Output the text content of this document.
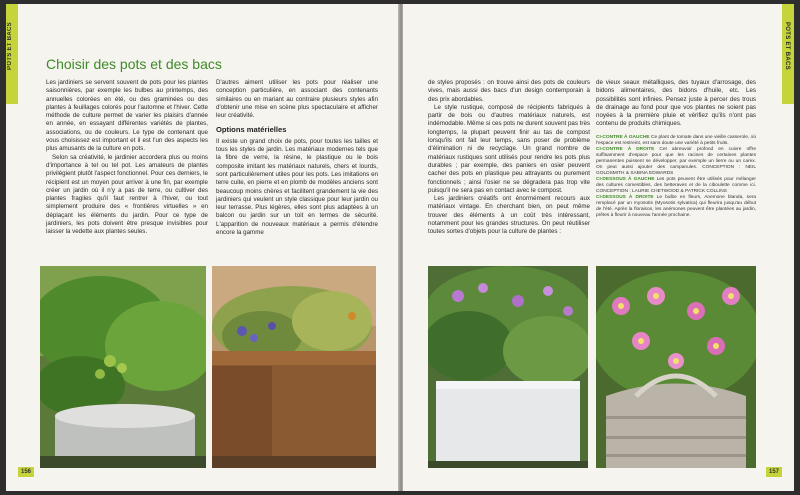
POTS ET BACS Choisir des pots et des bacs

Les jardiniers se servent souvent de pots pour les plantes saisonnières, par exemple les bulbes au printemps, des annuelles colorées en été, ou des graminées ou des plantes à feuillages colorés pour l'automne et l'hiver. Cette méthode de culture permet de varier les plaisirs d'année en année, en essayant différentes variétés de plantes, associations, ou de couleurs. Le type de contenant que vous choisissez est important et il est l'un des aspects les plus amusants de la culture en pots.

Selon sa créativité, le jardinier accordera plus ou moins d'importance à tel ou tel pot. Les amateurs de plantes privilégient plutôt l'aspect fonctionnel. Pour ces derniers, le récipient est un moyen pour arriver à une fin, par exemple créer un jardin où il n'y a pas de terre, ou cultiver des plantes fragiles qu'il faut rentrer à l'hiver, ou tout simplement produire des « frontières virtuelles » en déplaçant les éléments du jardin. Pour ce type de jardiniers, les pots doivent être presque invisibles pour laisser la vedette aux plantes seules.

D'autres aiment utiliser les pots pour réaliser une conception particulière, en associant des contenants similaires ou en mariant au contraire plusieurs styles afin d'obtenir une mise en scène plus spectaculaire et afficher leur créativité.

Options matérielles

Il existe un grand choix de pots, pour toutes les tailles et tous les styles de jardin. Les matériaux modernes tels que la fibre de verre, la résine, le plastique ou le bois composite imitant les matériaux naturels, chers et lourds, sont particulièrement utiles pour les pots. Les imitations en terre cuite, en pierre et en plomb de modèles anciens sont beaucoup moins chères et facilitent grandement la vie des jardiniers qui veulent un style classique pour leur jardin ou leur terrasse. Plus légères, elles sont plus adaptées à un balcon ou jardin sur un toit en termes de sécurité. L'apparition de nouveaux matériaux a permis d'étendre encore la gamme

156
POTS ET BACS

de styles proposés : on trouve ainsi des pots de couleurs vives, mais aussi des bacs d'un design contemporain à des prix abordables.

Le style rustique, composé de récipients fabriqués à partir de bois ou d'autres matériaux naturels, est indémodable. Même si ces pots ne durent souvent pas très longtemps, la plupart peuvent finir au tas de compost lorsqu'ils ont fait leur temps, sans poser de problème d'élimination ni de recyclage. Un grand nombre de matériaux rustiques sont utilisés pour rendre les pots plus durables ; par exemple, des paniers en osier peuvent cacher des pots en plastique peu attrayants ou purement fonctionnels ; ainsi l'osier ne se dégradera pas trop vite puisqu'il ne sera pas en contact avec le compost.

Les jardiniers créatifs ont énormément recours aux matériaux vintage. En cherchant bien, on peut même trouver des éléments à un coût très intéressant, notamment pour les grandes structures. On peut réutiliser toutes sortes d'objets pour la culture de plantes :

de vieux seaux métalliques, des tuyaux d'arrosage, des bidons alimentaires, des bidons d'huile, etc. Les possibilités sont infinies. Pensez juste à percer des trous de drainage au fond pour que vos plantes ne soient pas noyées à la première pluie et vérifiez qu'ils n'ont pas contenu de produits chimiques.

CI-CONTRE À GAUCHE Ce plant de tomate dans une vieille casserole, où l'espace est restreint, est sans doute une variété à petits fruits.

CI-CONTRE À DROITE Cet abreuvoir profond en cuivre offre suffisamment d'espace pour que les racines de certaines plantes permanentes puissent se développer, par exemple un lierre ou un carex. On peut aussi ajouter des campanules. CONCEPTION : NEIL GOLDSMITH & SABINA EDWARDS

CI-DESSOUS À GAUCHE Les pots peuvent être utilisés pour mélanger des cultures comestibles, des betteraves et de la ciboulette comme ici. CONCEPTION : LAURIE CHETWOOD & PATRICK COLLINS

CI-DESSOUS À DROITE Le bulbe en fleurs, Anemone blanda, sera remplacé par un myosotis (Myosotis sylvatica) qui fleurira jusqu'au début de l'été. Après la floraison, les anémones peuvent être plantées au jardin, prêtes à fleurir à nouveau l'année prochaine.

157
